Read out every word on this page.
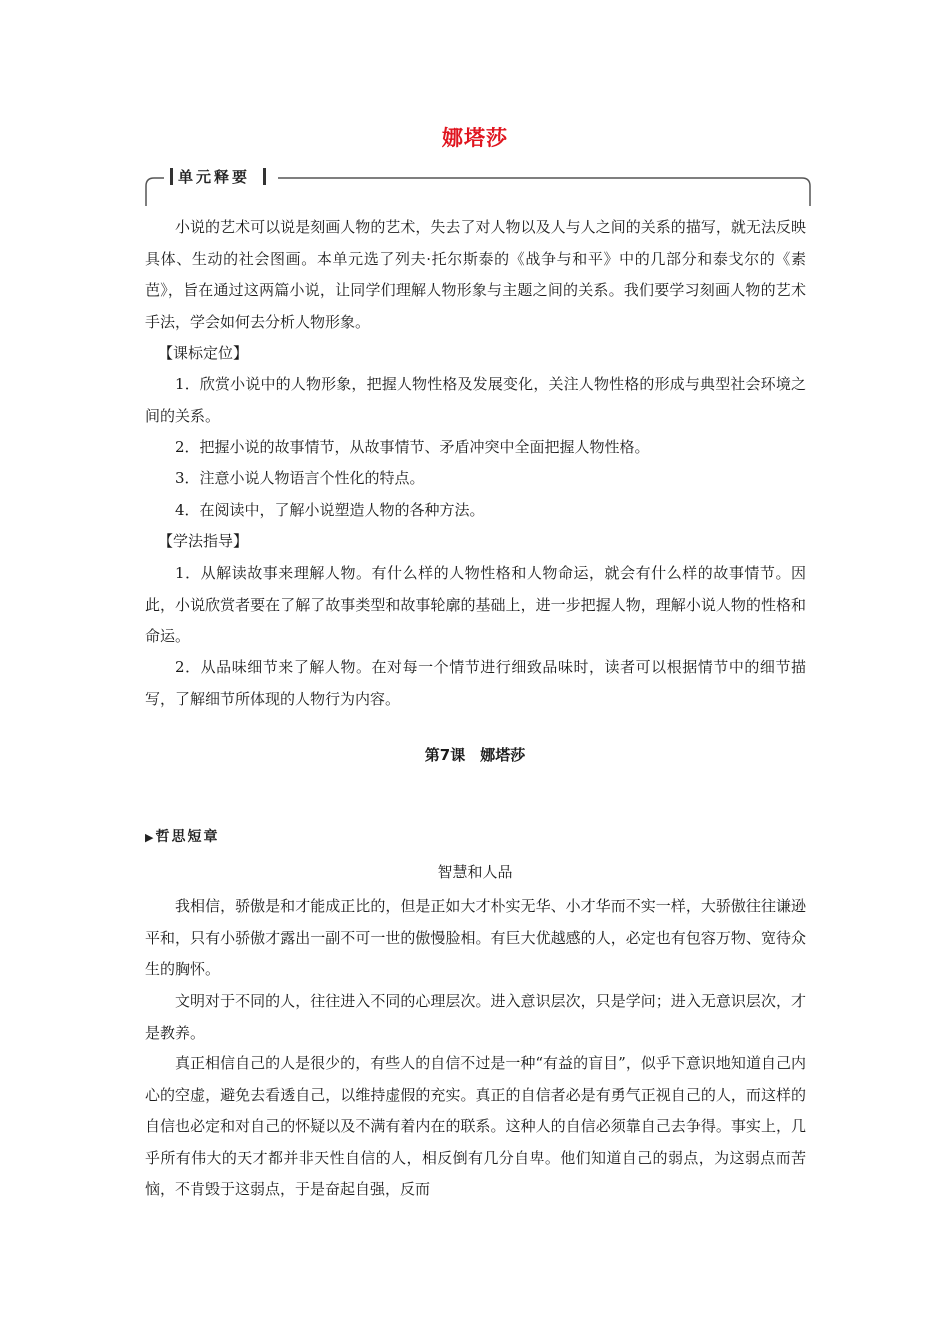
娜塔莎
单元释要

小说的艺术可以说是刻画人物的艺术，失去了对人物以及人与人之间的关系的描写，就无法反映具体、生动的社会图画。本单元选了列夫·托尔斯泰的《战争与和平》中的几部分和泰戈尔的《素芭》，旨在通过这两篇小说，让同学们理解人物形象与主题之间的关系。我们要学习刻画人物的艺术手法，学会如何去分析人物形象。

【课标定位】

1．欣赏小说中的人物形象，把握人物性格及发展变化，关注人物性格的形成与典型社会环境之间的关系。

2．把握小说的故事情节，从故事情节、矛盾冲突中全面把握人物性格。

3．注意小说人物语言个性化的特点。

4．在阅读中，了解小说塑造人物的各种方法。

【学法指导】

1．从解读故事来理解人物。有什么样的人物性格和人物命运，就会有什么样的故事情节。因此，小说欣赏者要在了解了故事类型和故事轮廓的基础上，进一步把握人物，理解小说人物的性格和命运。

2．从品味细节来了解人物。在对每一个情节进行细致品味时，读者可以根据情节中的细节描写，了解细节所体现的人物行为内容。

第7课　娜塔莎
▶哲思短章
智慧和人品

我相信，骄傲是和才能成正比的，但是正如大才朴实无华、小才华而不实一样，大骄傲往往谦逊平和，只有小骄傲才露出一副不可一世的傲慢脸相。有巨大优越感的人，必定也有包容万物、宽待众生的胸怀。

文明对于不同的人，往往进入不同的心理层次。进入意识层次，只是学问；进入无意识层次，才是教养。

真正相信自己的人是很少的，有些人的自信不过是一种“有益的盲目”，似乎下意识地知道自己内心的空虚，避免去看透自己，以维持虚假的充实。真正的自信者必是有勇气正视自己的人，而这样的自信也必定和对自己的怀疑以及不满有着内在的联系。这种人的自信必须靠自己去争得。事实上，几乎所有伟大的天才都并非天性自信的人，相反倒有几分自卑。他们知道自己的弱点，为这弱点而苦恼，不肯毁于这弱点，于是奋起自强，反而
